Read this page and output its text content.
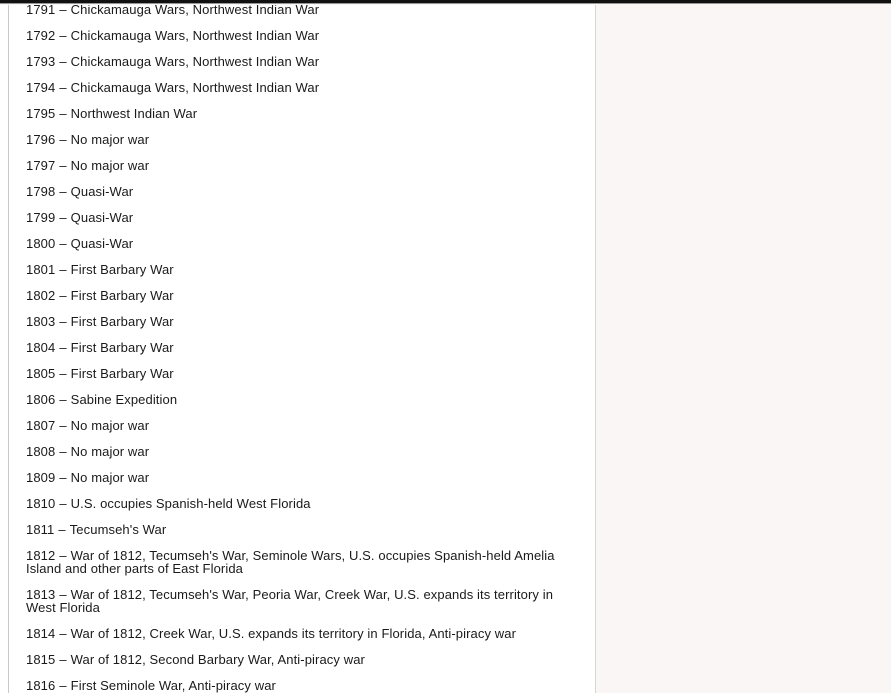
1791 – Chickamauga Wars, Northwest Indian War

1792 – Chickamauga Wars, Northwest Indian War

1793 – Chickamauga Wars, Northwest Indian War

1794 – Chickamauga Wars, Northwest Indian War

1795 – Northwest Indian War

1796 – No major war

1797 – No major war

1798 – Quasi-War

1799 – Quasi-War

1800 – Quasi-War

1801 – First Barbary War

1802 – First Barbary War

1803 – First Barbary War

1804 – First Barbary War

1805 – First Barbary War

1806 – Sabine Expedition

1807 – No major war

1808 – No major war

1809 – No major war

1810 – U.S. occupies Spanish-held West Florida

1811 – Tecumseh's War

1812 – War of 1812, Tecumseh's War, Seminole Wars, U.S. occupies Spanish-held Amelia Island and other parts of East Florida

1813 – War of 1812, Tecumseh's War, Peoria War, Creek War, U.S. expands its territory in West Florida

1814 – War of 1812, Creek War, U.S. expands its territory in Florida, Anti-piracy war

1815 – War of 1812, Second Barbary War, Anti-piracy war

1816 – First Seminole War, Anti-piracy war
